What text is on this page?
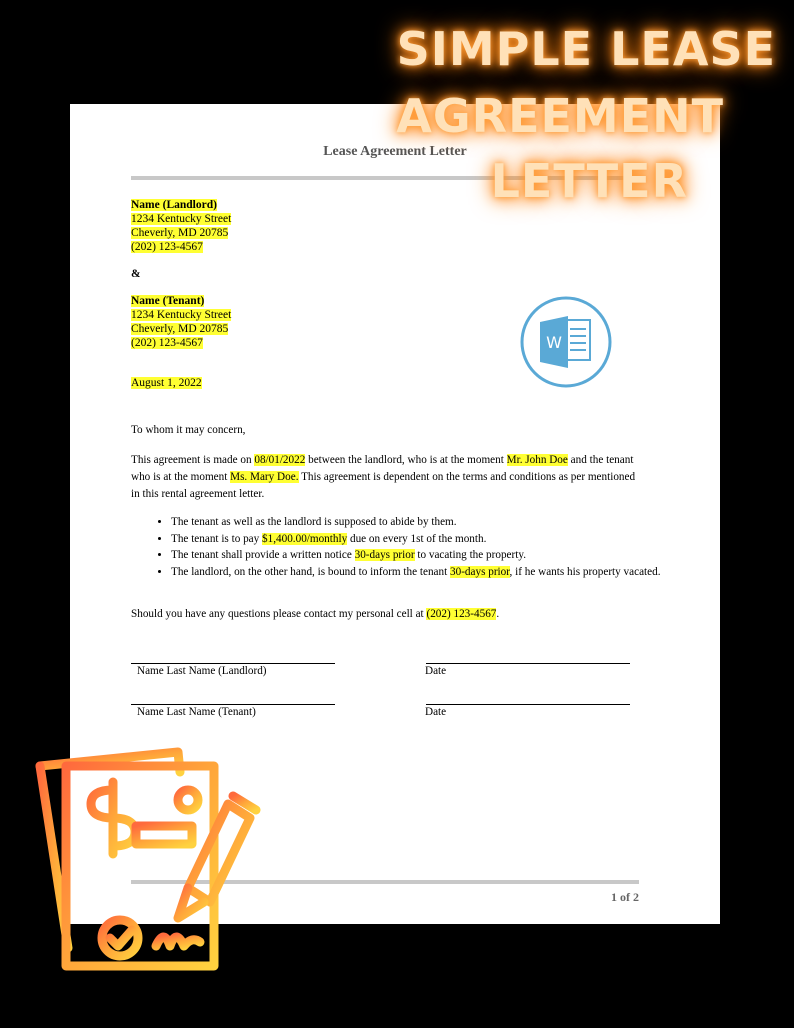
Lease Agreement Letter
Name (Landlord)
1234 Kentucky Street
Cheverly, MD 20785
(202) 123-4567
&
Name (Tenant)
1234 Kentucky Street
Cheverly, MD 20785
(202) 123-4567	W
August 1, 2022
To whom it may concern,
This agreement is made on 08/01/2022 between the landlord, who is at the moment Mr. John Doe and the tenant who is at the moment Ms. Mary Doe. This agreement is dependent on the terms and conditions as per mentioned in this rental agreement letter.
• The tenant as well as the landlord is supposed to abide by them.
• The tenant is to pay $1,400.00/monthly due on every 1st of the month.
• The tenant shall provide a written notice 30-days prior to vacating the property.
• The landlord, on the other hand, is bound to inform the tenant 30-days prior, if he wants his property vacated.
Should you have any questions please contact my personal cell at (202) 123-4567.
Name Last Name (Landlord)	Date
Name Last Name (Tenant)	Date
1 of 2
SIMPLE LEASE
AGREEMENT
LETTER
